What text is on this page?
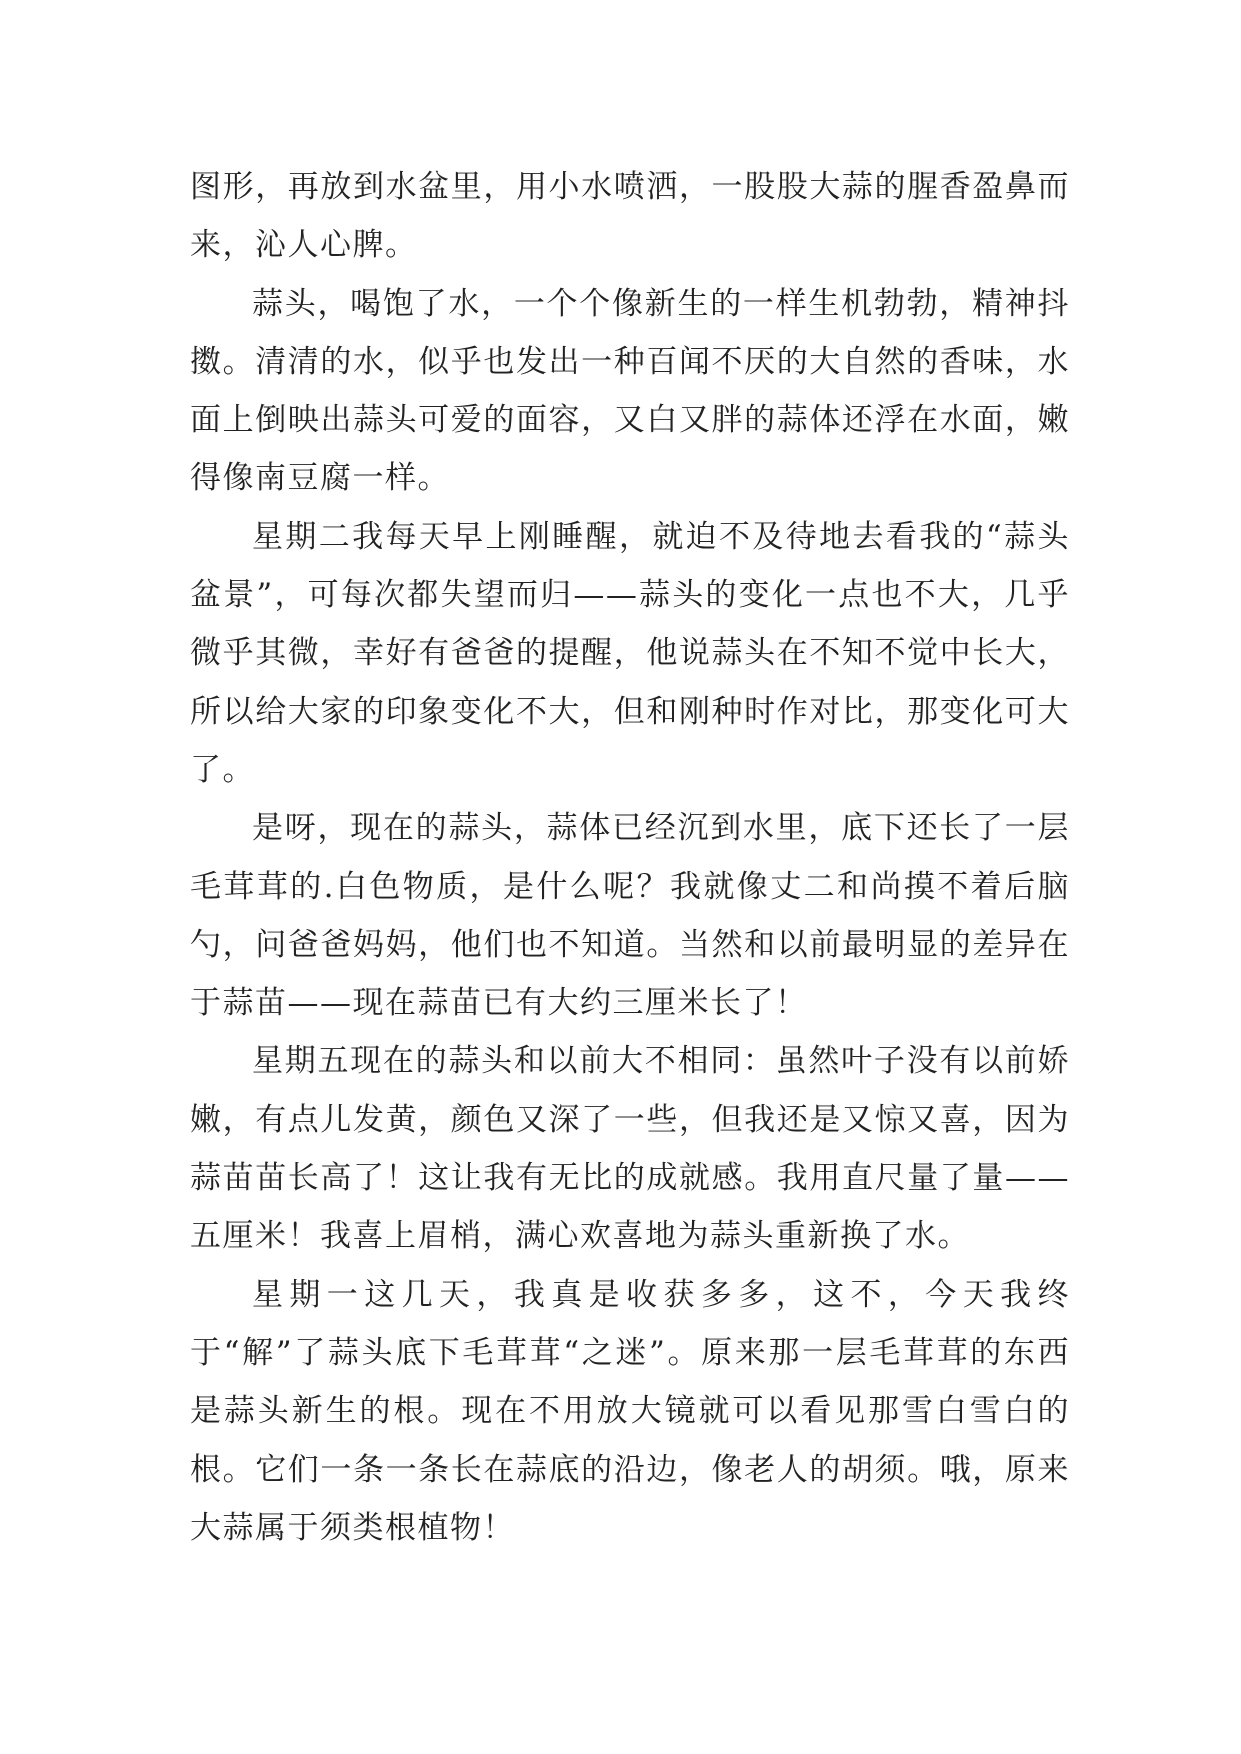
图形，再放到水盆里，用小水喷洒，一股股大蒜的腥香盈鼻而来，沁人心脾。

蒜头，喝饱了水，一个个像新生的一样生机勃勃，精神抖擞。清清的水，似乎也发出一种百闻不厌的大自然的香味，水面上倒映出蒜头可爱的面容，又白又胖的蒜体还浮在水面，嫩得像南豆腐一样。

星期二我每天早上刚睡醒，就迫不及待地去看我的“蒜头盆景”，可每次都失望而归——蒜头的变化一点也不大，几乎微乎其微，幸好有爸爸的提醒，他说蒜头在不知不觉中长大，所以给大家的印象变化不大，但和刚种时作对比，那变化可大了。

是呀，现在的蒜头，蒜体已经沉到水里，底下还长了一层毛茸茸的.白色物质，是什么呢？我就像丈二和尚摸不着后脑勺，问爸爸妈妈，他们也不知道。当然和以前最明显的差异在于蒜苗——现在蒜苗已有大约三厘米长了！

星期五现在的蒜头和以前大不相同：虽然叶子没有以前娇嫩，有点儿发黄，颜色又深了一些，但我还是又惊又喜，因为蒜苗苗长高了！这让我有无比的成就感。我用直尺量了量——五厘米！我喜上眉梢，满心欢喜地为蒜头重新换了水。

星期一这几天，我真是收获多多，这不，今天我终于“解”了蒜头底下毛茸茸“之迷”。原来那一层毛茸茸的东西是蒜头新生的根。现在不用放大镜就可以看见那雪白雪白的根。它们一条一条长在蒜底的沿边，像老人的胡须。哦，原来大蒜属于须类根植物！
